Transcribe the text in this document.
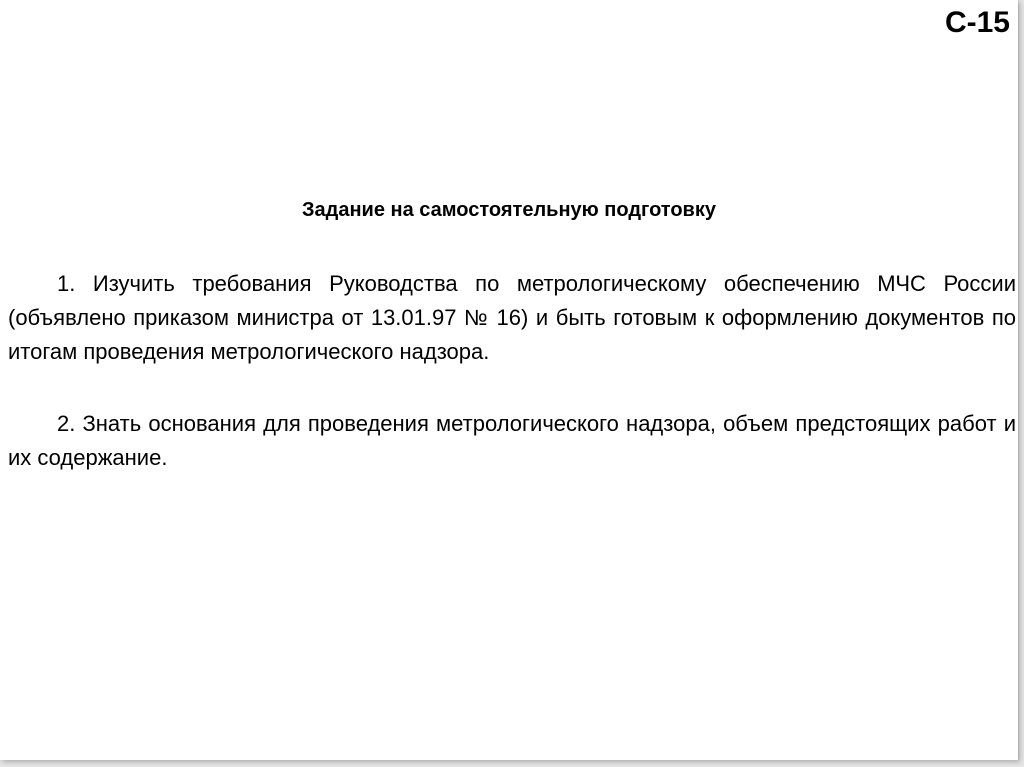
С-15
Задание на самостоятельную подготовку

1. Изучить требования Руководства по метрологическому обеспечению МЧС России (объявлено приказом министра от 13.01.97 № 16) и быть готовым к оформлению документов по итогам проведения метрологического надзора.

2. Знать основания для проведения метрологического надзора, объем предстоящих работ и их содержание.
